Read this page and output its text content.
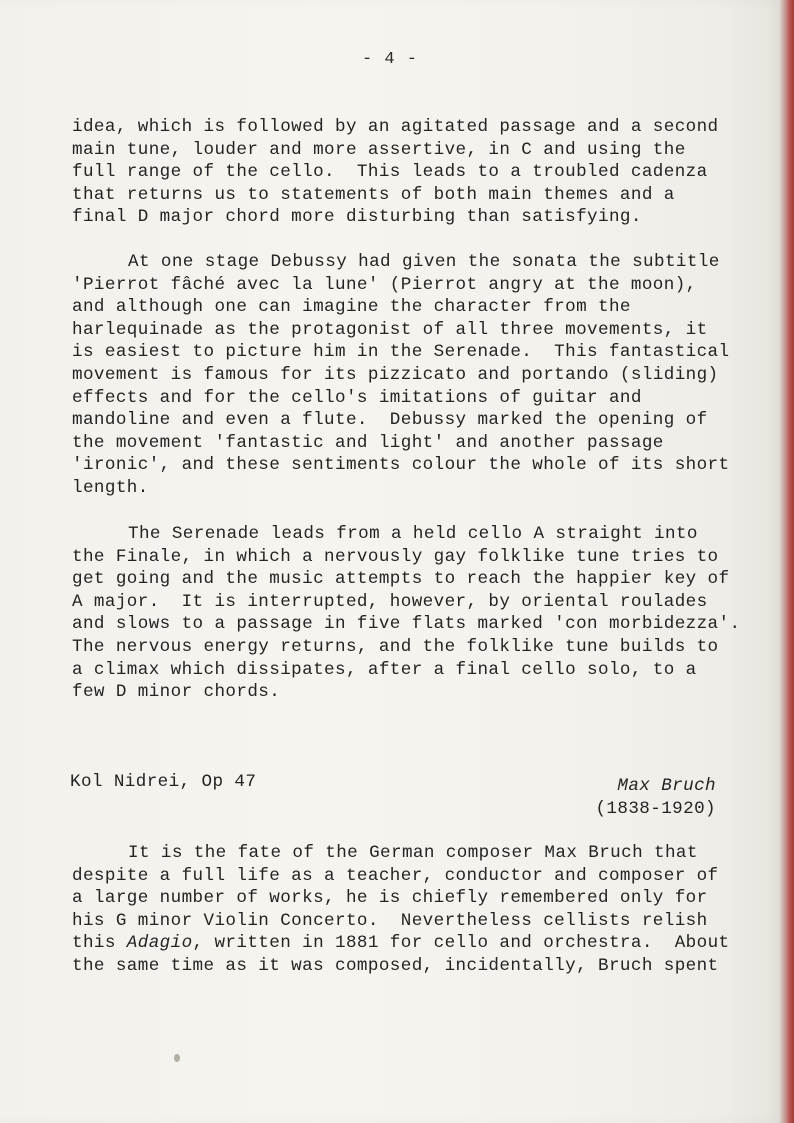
- 4 -
idea, which is followed by an agitated passage and a second
main tune, louder and more assertive, in C and using the
full range of the cello.  This leads to a troubled cadenza
that returns us to statements of both main themes and a
final D major chord more disturbing than satisfying.
At one stage Debussy had given the sonata the subtitle
'Pierrot fâché avec la lune' (Pierrot angry at the moon),
and although one can imagine the character from the
harlequinade as the protagonist of all three movements, it
is easiest to picture him in the Serenade.  This fantastical
movement is famous for its pizzicato and portando (sliding)
effects and for the cello's imitations of guitar and
mandoline and even a flute.  Debussy marked the opening of
the movement 'fantastic and light' and another passage
'ironic', and these sentiments colour the whole of its short
length.
The Serenade leads from a held cello A straight into
the Finale, in which a nervously gay folklike tune tries to
get going and the music attempts to reach the happier key of
A major.  It is interrupted, however, by oriental roulades
and slows to a passage in five flats marked 'con morbidezza'.
The nervous energy returns, and the folklike tune builds to
a climax which dissipates, after a final cello solo, to a
few D minor chords.
Kol Nidrei, Op 47	Max Bruch
(1838-1920)
It is the fate of the German composer Max Bruch that
despite a full life as a teacher, conductor and composer of
a large number of works, he is chiefly remembered only for
his G minor Violin Concerto.  Nevertheless cellists relish
this Adagio, written in 1881 for cello and orchestra.  About
the same time as it was composed, incidentally, Bruch spent
